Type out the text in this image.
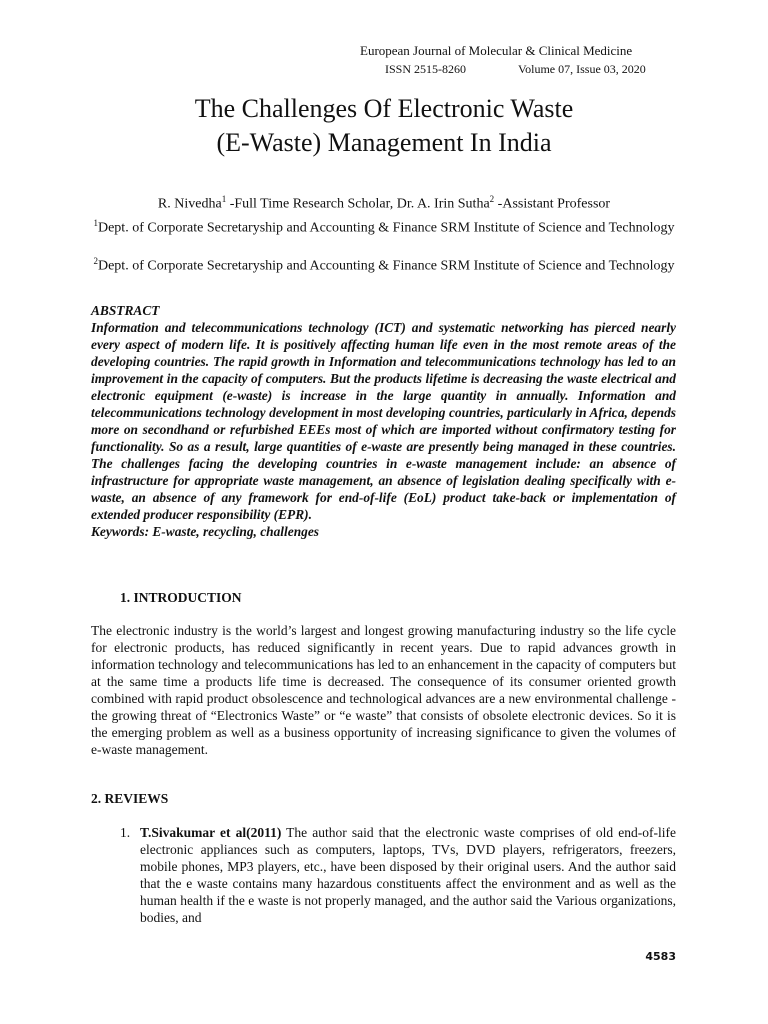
European Journal of Molecular & Clinical Medicine
ISSN 2515-8260	Volume 07, Issue 03, 2020
The Challenges Of Electronic Waste
(E-Waste) Management In India
R. Nivedha$^1$ -Full Time Research Scholar, Dr. A. Irin Sutha$^2$ -Assistant Professor
$^1$Dept. of Corporate Secretaryship and Accounting & Finance SRM Institute of Science and Technology
$^2$Dept. of Corporate Secretaryship and Accounting & Finance SRM Institute of Science and Technology

ABSTRACT

Information and telecommunications technology (ICT) and systematic networking has pierced nearly every aspect of modern life. It is positively affecting human life even in the most remote areas of the developing countries. The rapid growth in Information and telecommunications technology has led to an improvement in the capacity of computers. But the products lifetime is decreasing the waste electrical and electronic equipment (e-waste) is increase in the large quantity in annually. Information and telecommunications technology development in most developing countries, particularly in Africa, depends more on secondhand or refurbished EEEs most of which are imported without confirmatory testing for functionality. So as a result, large quantities of e-waste are presently being managed in these countries. The challenges facing the developing countries in e-waste management include: an absence of infrastructure for appropriate waste management, an absence of legislation dealing specifically with e-waste, an absence of any framework for end-of-life (EoL) product take-back or implementation of extended producer responsibility (EPR).

Keywords: E-waste, recycling, challenges

1. INTRODUCTION

The electronic industry is the world’s largest and longest growing manufacturing industry so the life cycle for electronic products, has reduced significantly in recent years. Due to rapid advances growth in information technology and telecommunications has led to an enhancement in the capacity of computers but at the same time a products life time is decreased. The consequence of its consumer oriented growth combined with rapid product obsolescence and technological advances are a new environmental challenge - the growing threat of “Electronics Waste” or “e waste” that consists of obsolete electronic devices. So it is the emerging problem as well as a business opportunity of increasing significance to given the volumes of e-waste management.

2. REVIEWS
1. T.Sivakumar et al(2011) The author said that the electronic waste comprises of old end-of-life electronic appliances such as computers, laptops, TVs, DVD players, refrigerators, freezers, mobile phones, MP3 players, etc., have been disposed by their original users. And the author said that the e waste contains many hazardous constituents affect the environment and as well as the human health if the e waste is not properly managed, and the author said the Various organizations, bodies, and

4583
